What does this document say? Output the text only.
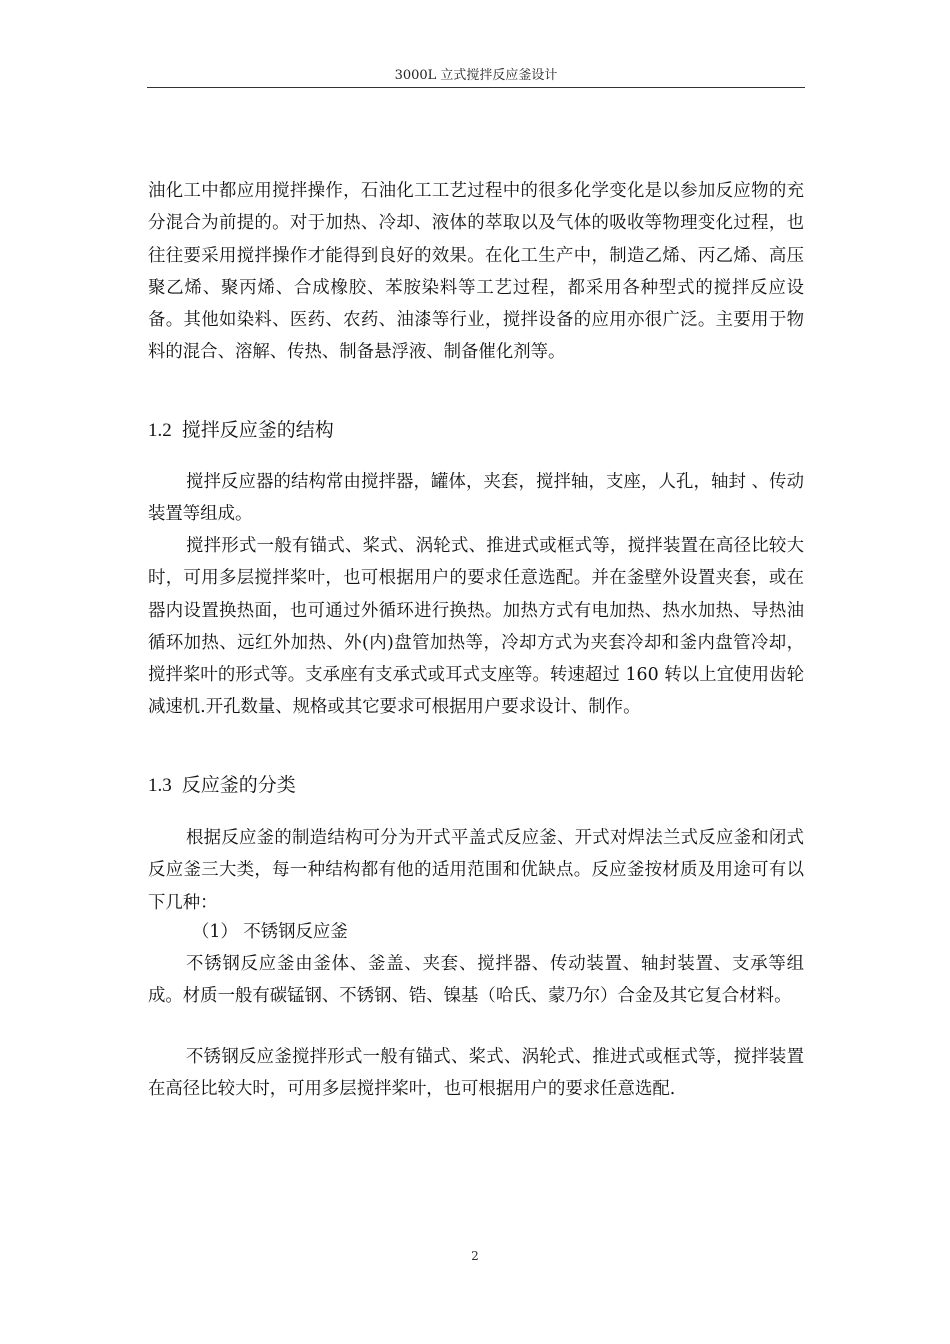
3000L 立式搅拌反应釜设计

油化工中都应用搅拌操作，石油化工工艺过程中的很多化学变化是以参加反应物的充分混合为前提的。对于加热、冷却、液体的萃取以及气体的吸收等物理变化过程，也往往要采用搅拌操作才能得到良好的效果。在化工生产中，制造乙烯、丙乙烯、高压聚乙烯、聚丙烯、合成橡胶、苯胺染料等工艺过程，都采用各种型式的搅拌反应设备。其他如染料、医药、农药、油漆等行业，搅拌设备的应用亦很广泛。主要用于物料的混合、溶解、传热、制备悬浮液、制备催化剂等。

1.2 搅拌反应釜的结构

搅拌反应器的结构常由搅拌器，罐体，夹套，搅拌轴，支座，人孔，轴封 、传动装置等组成。

搅拌形式一般有锚式、桨式、涡轮式、推进式或框式等，搅拌装置在高径比较大时，可用多层搅拌桨叶，也可根据用户的要求任意选配。并在釜壁外设置夹套，或在器内设置换热面，也可通过外循环进行换热。加热方式有电加热、热水加热、导热油循环加热、远红外加热、外(内)盘管加热等，冷却方式为夹套冷却和釜内盘管冷却，搅拌桨叶的形式等。支承座有支承式或耳式支座等。转速超过 160 转以上宜使用齿轮减速机.开孔数量、规格或其它要求可根据用户要求设计、制作。

1.3 反应釜的分类

根据反应釜的制造结构可分为开式平盖式反应釜、开式对焊法兰式反应釜和闭式反应釜三大类，每一种结构都有他的适用范围和优缺点。反应釜按材质及用途可有以下几种：

（1） 不锈钢反应釜

不锈钢反应釜由釜体、釜盖、夹套、搅拌器、传动装置、轴封装置、支承等组成。材质一般有碳锰钢、不锈钢、锆、镍基（哈氏、蒙乃尔）合金及其它复合材料。

不锈钢反应釜搅拌形式一般有锚式、桨式、涡轮式、推进式或框式等，搅拌装置在高径比较大时，可用多层搅拌桨叶，也可根据用户的要求任意选配.

2
